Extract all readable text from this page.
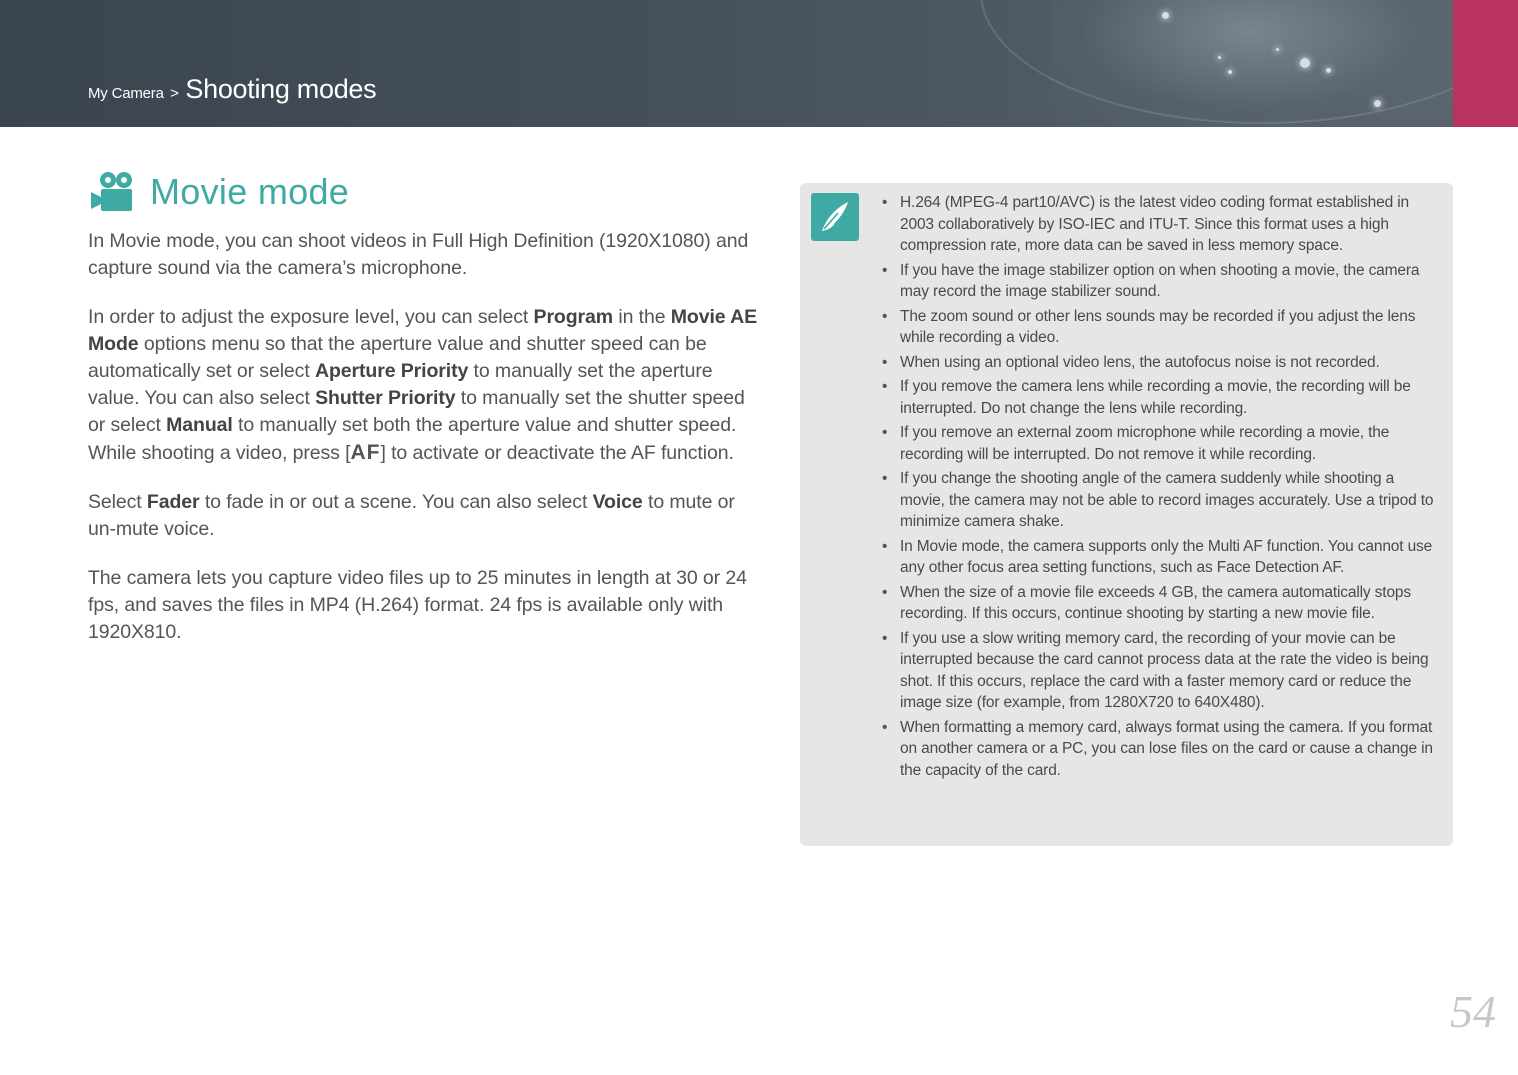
My Camera > Shooting modes
Movie mode

In Movie mode, you can shoot videos in Full High Definition (1920X1080) and capture sound via the camera’s microphone.

In order to adjust the exposure level, you can select Program in the Movie AE Mode options menu so that the aperture value and shutter speed can be automatically set or select Aperture Priority to manually set the aperture value. You can also select Shutter Priority to manually set the shutter speed or select Manual to manually set both the aperture value and shutter speed. While shooting a video, press [AF] to activate or deactivate the AF function.

Select Fader to fade in or out a scene. You can also select Voice to mute or un-mute voice.

The camera lets you capture video files up to 25 minutes in length at 30 or 24 fps, and saves the files in MP4 (H.264) format. 24 fps is available only with 1920X810.

• H.264 (MPEG-4 part10/AVC) is the latest video coding format established in 2003 collaboratively by ISO-IEC and ITU-T. Since this format uses a high compression rate, more data can be saved in less memory space.
• If you have the image stabilizer option on when shooting a movie, the camera may record the image stabilizer sound.
• The zoom sound or other lens sounds may be recorded if you adjust the lens while recording a video.
• When using an optional video lens, the autofocus noise is not recorded.
• If you remove the camera lens while recording a movie, the recording will be interrupted. Do not change the lens while recording.
• If you remove an external zoom microphone while recording a movie, the recording will be interrupted. Do not remove it while recording.
• If you change the shooting angle of the camera suddenly while shooting a movie, the camera may not be able to record images accurately. Use a tripod to minimize camera shake.
• In Movie mode, the camera supports only the Multi AF function. You cannot use any other focus area setting functions, such as Face Detection AF.
• When the size of a movie file exceeds 4 GB, the camera automatically stops recording. If this occurs, continue shooting by starting a new movie file.
• If you use a slow writing memory card, the recording of your movie can be interrupted because the card cannot process data at the rate the video is being shot. If this occurs, replace the card with a faster memory card or reduce the image size (for example, from 1280X720 to 640X480).
• When formatting a memory card, always format using the camera. If you format on another camera or a PC, you can lose files on the card or cause a change in the capacity of the card.
54
